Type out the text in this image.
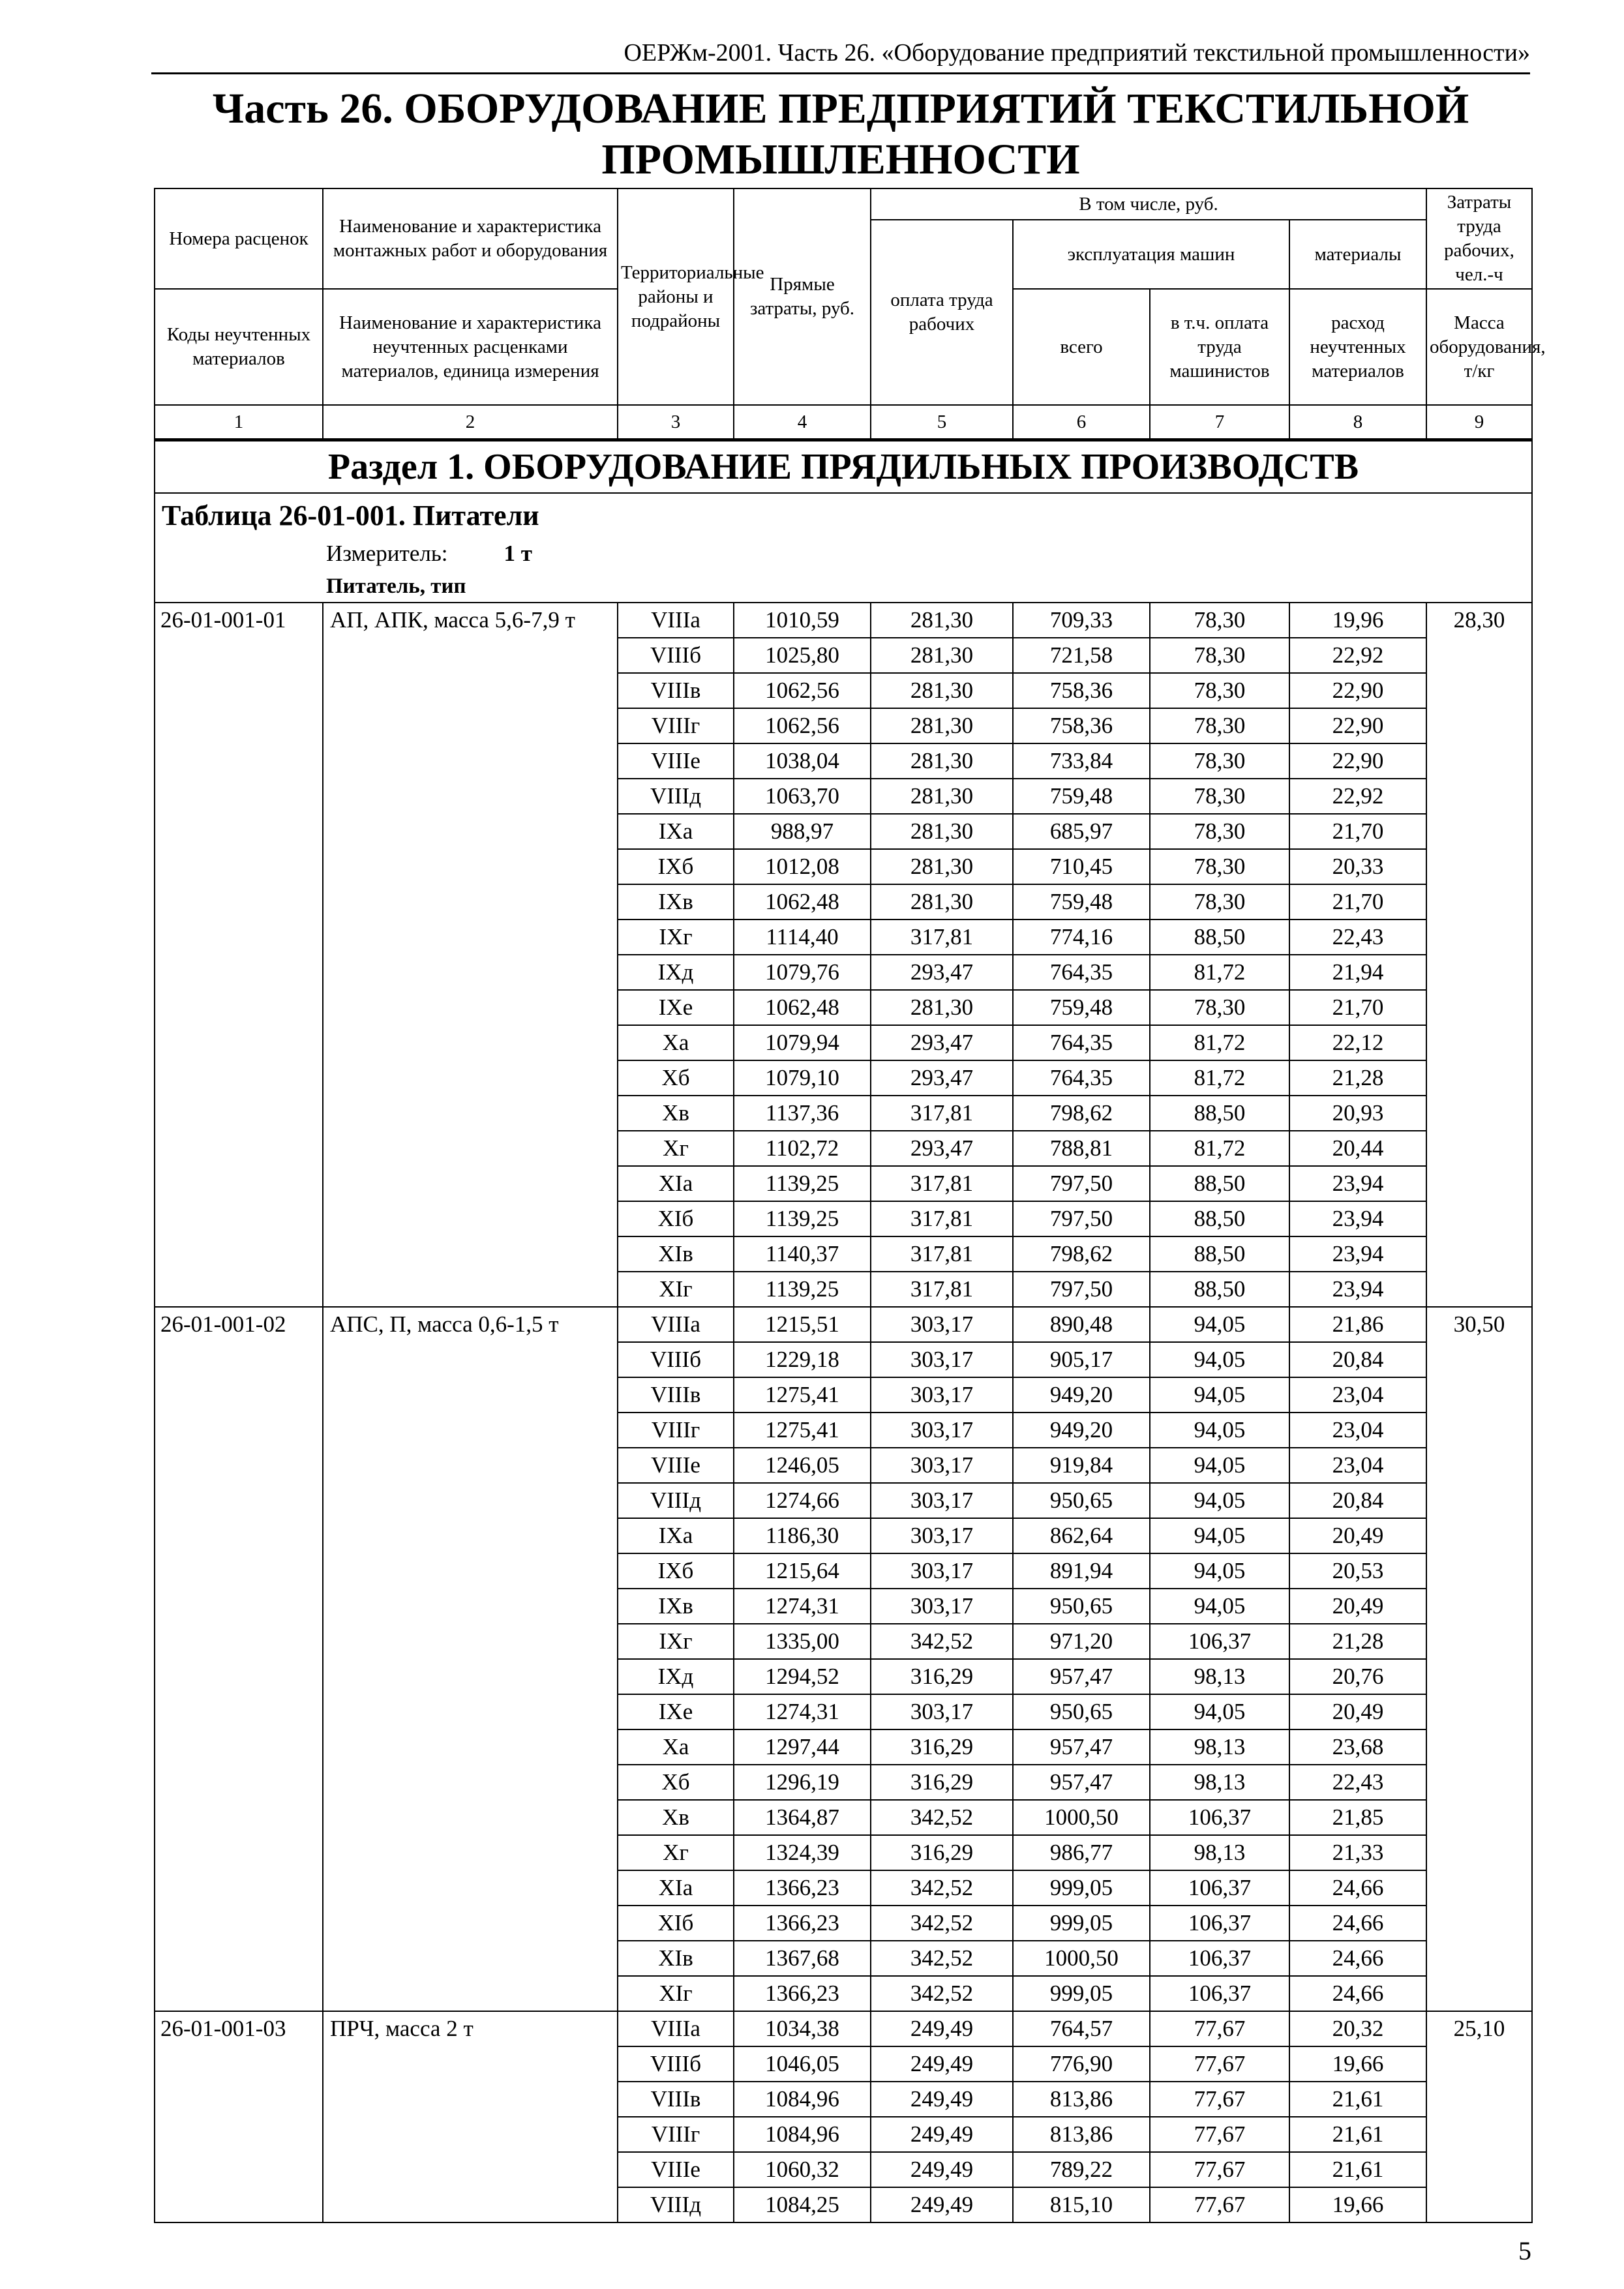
ОЕРЖм-2001. Часть 26. «Оборудование предприятий текстильной промышленности»
Часть 26. ОБОРУДОВАНИЕ ПРЕДПРИЯТИЙ ТЕКСТИЛЬНОЙ ПРОМЫШЛЕННОСТИ
Номера расценок	Наименование и характеристика монтажных работ и оборудования	Территориальные районы и подрайоны	Прямые затраты, руб.	В том числе, руб.				Затраты труда рабочих, чел.-ч
				оплата труда рабочих	эксплуатация машин		материалы	
Коды неучтенных материалов	Наименование и характеристика неучтенных расценками материалов, единица измерения				всего	в т.ч. оплата труда машинистов	расход неучтенных материалов	Масса оборудования, т/кг
1	2	3	4	5	6	7	8	9
Раздел 1. ОБОРУДОВАНИЕ ПРЯДИЛЬНЫХ ПРОИЗВОДСТВ								
Таблица 26-01-001. Питатели								
Измеритель: 1 т								
Питатель, тип								
26-01-001-01	АП, АПК, масса 5,6-7,9 т	VIIIа	1010,59	281,30	709,33	78,30	19,96	28,30
		VIIIб	1025,80	281,30	721,58	78,30	22,92	
		VIIIв	1062,56	281,30	758,36	78,30	22,90	
		VIIIг	1062,56	281,30	758,36	78,30	22,90	
		VIIIе	1038,04	281,30	733,84	78,30	22,90	
		VIIIд	1063,70	281,30	759,48	78,30	22,92	
		IXа	988,97	281,30	685,97	78,30	21,70	
		IXб	1012,08	281,30	710,45	78,30	20,33	
		IXв	1062,48	281,30	759,48	78,30	21,70	
		IXг	1114,40	317,81	774,16	88,50	22,43	
		IXд	1079,76	293,47	764,35	81,72	21,94	
		IXе	1062,48	281,30	759,48	78,30	21,70	
		Xа	1079,94	293,47	764,35	81,72	22,12	
		Xб	1079,10	293,47	764,35	81,72	21,28	
		Xв	1137,36	317,81	798,62	88,50	20,93	
		Xг	1102,72	293,47	788,81	81,72	20,44	
		XIа	1139,25	317,81	797,50	88,50	23,94	
		XIб	1139,25	317,81	797,50	88,50	23,94	
		XIв	1140,37	317,81	798,62	88,50	23,94	
		XIг	1139,25	317,81	797,50	88,50	23,94	
26-01-001-02	АПС, П, масса 0,6-1,5 т	VIIIа	1215,51	303,17	890,48	94,05	21,86	30,50
		VIIIб	1229,18	303,17	905,17	94,05	20,84	
		VIIIв	1275,41	303,17	949,20	94,05	23,04	
		VIIIг	1275,41	303,17	949,20	94,05	23,04	
		VIIIе	1246,05	303,17	919,84	94,05	23,04	
		VIIIд	1274,66	303,17	950,65	94,05	20,84	
		IXа	1186,30	303,17	862,64	94,05	20,49	
		IXб	1215,64	303,17	891,94	94,05	20,53	
		IXв	1274,31	303,17	950,65	94,05	20,49	
		IXг	1335,00	342,52	971,20	106,37	21,28	
		IXд	1294,52	316,29	957,47	98,13	20,76	
		IXе	1274,31	303,17	950,65	94,05	20,49	
		Xа	1297,44	316,29	957,47	98,13	23,68	
		Xб	1296,19	316,29	957,47	98,13	22,43	
		Xв	1364,87	342,52	1000,50	106,37	21,85	
		Xг	1324,39	316,29	986,77	98,13	21,33	
		XIа	1366,23	342,52	999,05	106,37	24,66	
		XIб	1366,23	342,52	999,05	106,37	24,66	
		XIв	1367,68	342,52	1000,50	106,37	24,66	
		XIг	1366,23	342,52	999,05	106,37	24,66	
26-01-001-03	ПРЧ, масса 2 т	VIIIа	1034,38	249,49	764,57	77,67	20,32	25,10
		VIIIб	1046,05	249,49	776,90	77,67	19,66	
		VIIIв	1084,96	249,49	813,86	77,67	21,61	
		VIIIг	1084,96	249,49	813,86	77,67	21,61	
		VIIIе	1060,32	249,49	789,22	77,67	21,61	
		VIIIд	1084,25	249,49	815,10	77,67	19,66	
5
